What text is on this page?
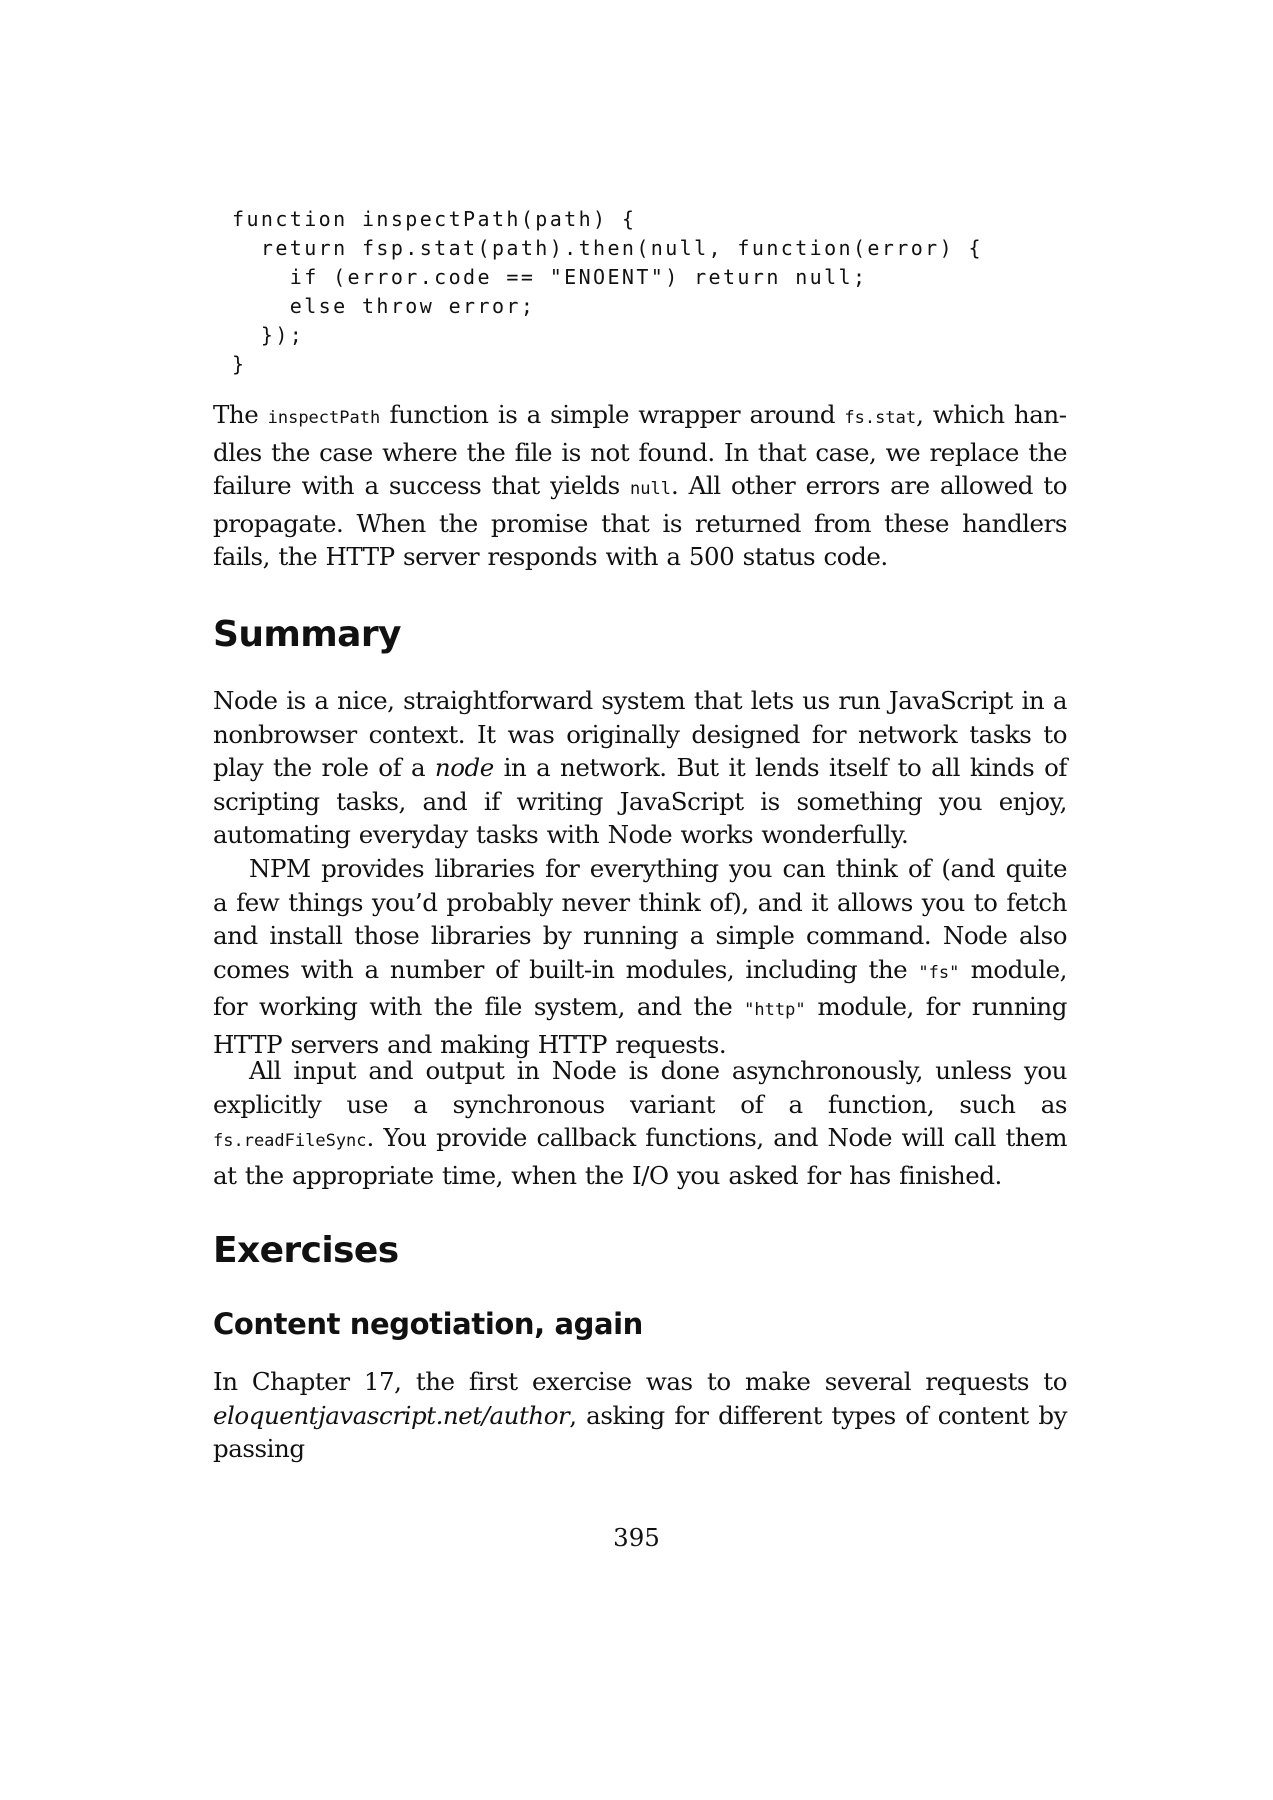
function inspectPath(path) {
return fsp.stat(path).then(null, function(error) {
if (error.code == "ENOENT") return null;
else throw error;
});
}

The inspectPath function is a simple wrapper around fs.stat, which handles the case where the file is not found. In that case, we replace the failure with a success that yields null. All other errors are allowed to propagate. When the promise that is returned from these handlers fails, the HTTP server responds with a 500 status code.

Summary

Node is a nice, straightforward system that lets us run JavaScript in a nonbrowser context. It was originally designed for network tasks to play the role of a node in a network. But it lends itself to all kinds of scripting tasks, and if writing JavaScript is something you enjoy, automating everyday tasks with Node works wonderfully.

NPM provides libraries for everything you can think of (and quite a few things you’d probably never think of), and it allows you to fetch and install those libraries by running a simple command. Node also comes with a number of built-in modules, including the "fs" module, for working with the file system, and the "http" module, for running HTTP servers and making HTTP requests.

All input and output in Node is done asynchronously, unless you explicitly use a synchronous variant of a function, such as fs.readFileSync. You provide callback functions, and Node will call them at the appropriate time, when the I/O you asked for has finished.

Exercises
Content negotiation, again

In Chapter 17, the first exercise was to make several requests to eloquentjavascript.net/author, asking for different types of content by passing

395
